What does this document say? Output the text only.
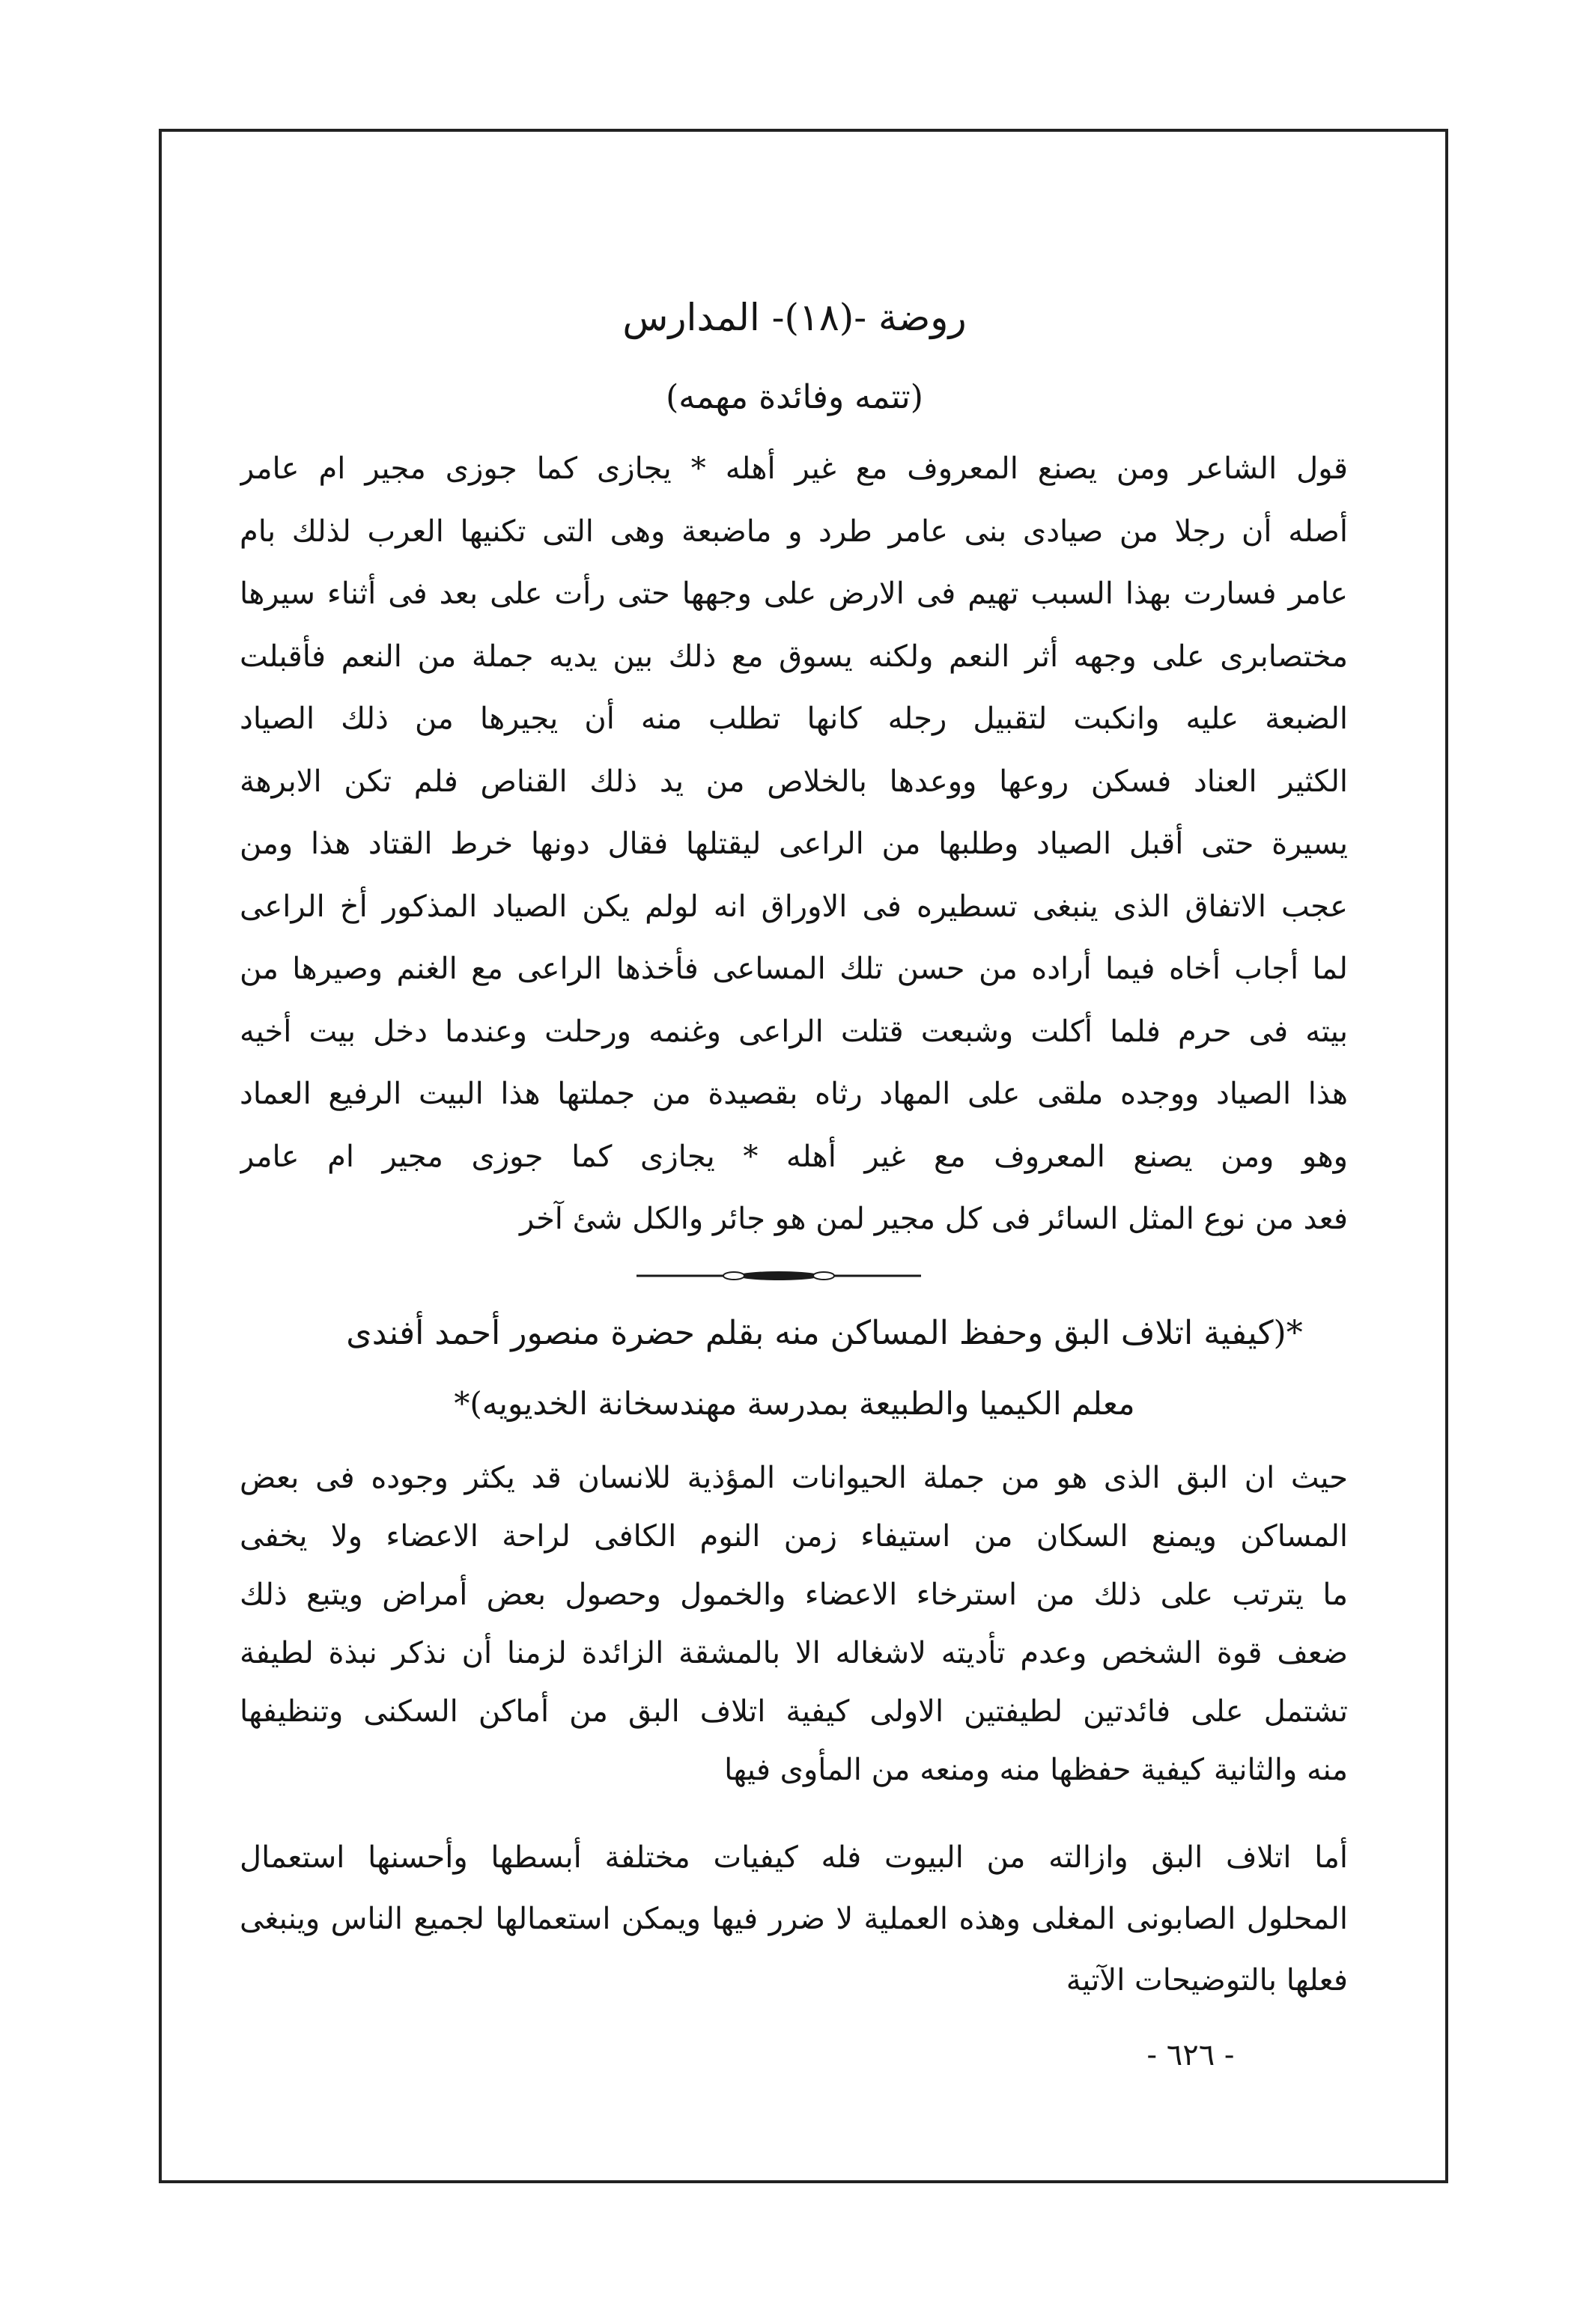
روضة -(١٨)- المدارس
(تتمه وفائدة مهمه)
قول الشاعر ومن يصنع المعروف مع غير أهله * يجازى كما جوزى مجير ام عامر
أصله أن رجلا من صيادى بنى عامر طرد و ماضبعة وهى التى تكنيها العرب لذلك بام
عامر فسارت بهذا السبب تهيم فى الارض على وجهها حتى رأت على بعد فى أثناء سيرها
مختصابرى على وجهه أثر النعم ولكنه يسوق مع ذلك بين يديه جملة من النعم فأقبلت
الضبعة عليه وانكبت لتقبيل رجله كانها تطلب منه أن يجيرها من ذلك الصياد
الكثير العناد فسكن روعها ووعدها بالخلاص من يد ذلك القناص فلم تكن الابرهة
يسيرة حتى أقبل الصياد وطلبها من الراعى ليقتلها فقال دونها خرط القتاد هذا ومن
عجب الاتفاق الذى ينبغى تسطيره فى الاوراق انه لولم يكن الصياد المذكور أخ الراعى
لما أجاب أخاه فيما أراده من حسن تلك المساعى فأخذها الراعى مع الغنم وصيرها من
بيته فى حرم فلما أكلت وشبعت قتلت الراعى وغنمه ورحلت وعندما دخل بيت أخيه
هذا الصياد ووجده ملقى على المهاد رثاه بقصيدة من جملتها هذا البيت الرفيع العماد
وهو ومن يصنع المعروف مع غير أهله * يجازى كما جوزى مجير ام عامر
فعد من نوع المثل السائر فى كل مجير لمن هو جائر والكل شئ آخر
*(كيفية اتلاف البق وحفظ المساكن منه بقلم حضرة منصور أحمد أفندى
معلم الكيميا والطبيعة بمدرسة مهندسخانة الخديويه)*
حيث ان البق الذى هو من جملة الحيوانات المؤذية للانسان قد يكثر وجوده فى بعض
المساكن ويمنع السكان من استيفاء زمن النوم الكافى لراحة الاعضاء ولا يخفى
ما يترتب على ذلك من استرخاء الاعضاء والخمول وحصول بعض أمراض ويتبع ذلك
ضعف قوة الشخص وعدم تأديته لاشغاله الا بالمشقة الزائدة لزمنا أن نذكر نبذة لطيفة
تشتمل على فائدتين لطيفتين الاولى كيفية اتلاف البق من أماكن السكنى وتنظيفها
منه والثانية كيفية حفظها منه ومنعه من المأوى فيها
أما اتلاف البق وازالته من البيوت فله كيفيات مختلفة أبسطها وأحسنها استعمال
المحلول الصابونى المغلى وهذه العملية لا ضرر فيها ويمكن استعمالها لجميع الناس وينبغى
فعلها بالتوضيحات الآتية
- ٦٢٦ -
